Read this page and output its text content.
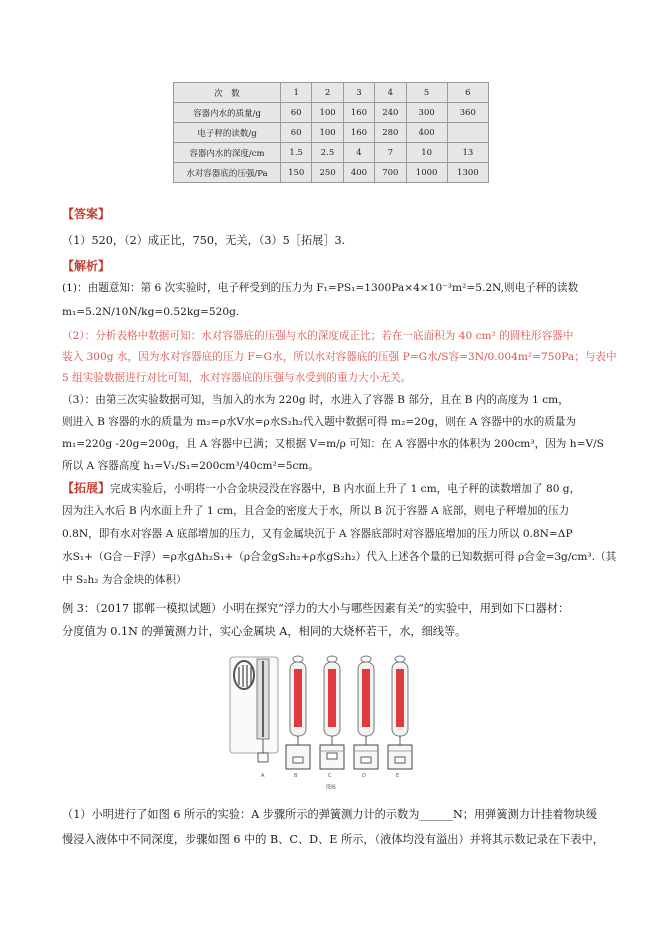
次　数	1	2	3	4	5	6
容器内水的质量/g	60	100	160	240	300	360
电子秤的读数/g	60	100	160	280	400	
容器内水的深度/cm	1.5	2.5	4	7	10	13
水对容器底的压强/Pa	150	250	400	700	1000	1300
【答案】
（1）520，（2）成正比，750，无关，（3）5［拓展］3.
【解析】
(1)：由题意知：第 6 次实验时，电子秤受到的压力为 F₁=PS₁=1300Pa×4×10⁻³m²=5.2N,则电子秤的读数
m₁=5.2N/10N/kg=0.52kg=520g.
（2）：分析表格中数据可知：水对容器底的压强与水的深度成正比；若在一底面积为 40 cm² 的圆柱形容器中
装入 300g 水，因为水对容器底的压力 F=G水，所以水对容器底的压强 P=G水/S容=3N/0.004m²=750Pa；与表中
5 组实验数据进行对比可知，水对容器底的压强与水受到的重力大小无关。
（3）：由第三次实验数据可知，当加入的水为 220g 时，水进入了容器 B 部分，且在 B 内的高度为 1 cm，
则进入 B 容器的水的质量为 m₂=ρ水V水=ρ水S₂h₂代入题中数据可得 m₂=20g，则在 A 容器中的水的质量为
m₁=220g -20g=200g，且 A 容器中已满；又根据 V=m/ρ 可知：在 A 容器中水的体积为 200cm³，因为 h=V/S
所以 A 容器高度 h₁=V₁/S₁=200cm³/40cm²=5cm。
【拓展】完成实验后，小明将一小合金块浸没在容器中，B 内水面上升了 1 cm，电子秤的读数增加了 80 g，
因为注入水后 B 内水面上升了 1 cm，且合金的密度大于水，所以 B 沉于容器 A 底部，则电子秤增加的压力
0.8N，即有水对容器 A 底部增加的压力，又有金属块沉于 A 容器底部时对容器底增加的压力所以 0.8N=ΔP
水S₁+（G合－F浮）=ρ水gΔh₂S₁+（ρ合金gS₂h₂+ρ水gS₂h₂）代入上述各个量的已知数据可得 ρ合金=3g/cm³.（其
中 S₂h₂ 为合金块的体积）
例 3：（2017 邯郸一模拟试题）小明在探究“浮力的大小与哪些因素有关”的实验中，用到如下口器材：
分度值为 0.1N 的弹簧测力计，实心金属块 A，相同的大烧杯若干，水，细线等。
A	B	C	D	E
图6
（1）小明进行了如图 6 所示的实验：A 步骤所示的弹簧测力计的示数为______N；用弹簧测力计挂着物块缓
慢浸入液体中不同深度，步骤如图 6 中的 B、C、D、E 所示，（液体均没有溢出）并将其示数记录在下表中，
